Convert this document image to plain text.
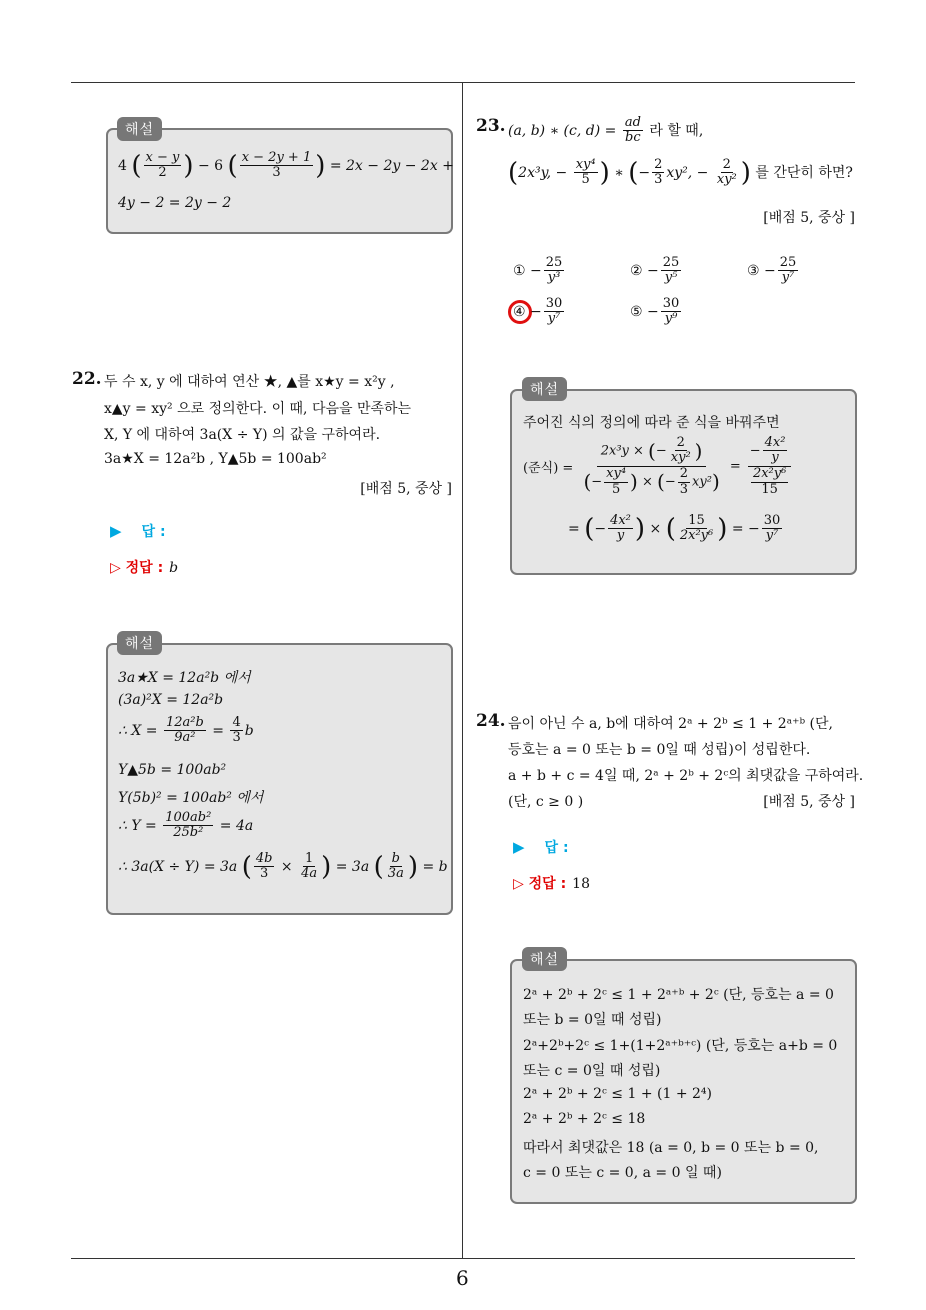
해설
4 ( $\frac{x - y}{2}$ ) − 6 ( $\frac{x - 2y + 1}{3}$ ) = 2x − 2y − 2x +
4y − 2 = 2y − 2
22. 두 수 x, y 에 대하여 연산 ★, ▲를 x★y = x²y ,
x▲y = xy² 으로 정의한다. 이 때, 다음을 만족하는
X, Y 에 대하여 3a(X ÷ Y) 의 값을 구하여라.
3a★X = 12a²b , Y▲5b = 100ab²
[배점 5, 중상 ]
▶ 답 :
▷ 정답 : b
해설
3a★X = 12a²b 에서
(3a)²X = 12a²b
∴ $X = \frac{\text{12a²b}}{\text{9a²}} = \frac{4}{3}$ b
Y▲5b = 100ab²
Y(5b)² = 100ab² 에서
∴ $Y = \frac{\text{100ab²}}{\text{25b²}} = 4a$
∴ 3a(X ÷ Y) = 3a ( $\frac{4b}{3} \times \frac{1}{4a}$ ) = 3a ( $\frac{b}{3a}$ ) = b
23. (a, b) ∗ (c, $d) = \frac{ad}{bc}$ 라 할 때,
(2x³y, − $\frac{\text{xy⁴}}{5}$ ) ∗ (− $\frac{2}{3} xy^2$, − $\frac{2}{\text{xy²}}$ ) 를 간단히 하면?
[배점 5, 중상 ]
① − $\frac{25}{\text{y³}}$	② − $\frac{25}{\text{y⁵}}$	③ − $\frac{25}{\text{y⁷}}$
④ − $\frac{30}{\text{y⁷}}$	⑤ − $\frac{30}{\text{y⁹}}$
해설
주어진 식의 정의에 따라 준 식을 바꿔주면
(준식) = $\frac{2x^3y \times (- \frac{2}{\text{xy²}} )}{(- \frac{\text{xy⁴}}{5} ) \times (- \frac{2}{3} xy^2)} = \frac{- \frac{\text{4x²}}{y}}{\frac{\text{2x²y⁶}}{15}}$
= (− $\frac{\text{4x²}}{y}$ ) × ( $\frac{15}{\text{2x²y⁶}}$ ) = − $\frac{30}{\text{y⁷}}$
24. 음이 아닌 수 a, b에 대하여 2ᵃ + 2ᵇ ≤ 1 + 2ᵃ⁺ᵇ (단,
등호는 a = 0 또는 b = 0일 때 성립)이 성립한다.
a + b + c = 4일 때, 2ᵃ + 2ᵇ + 2ᶜ의 최댓값을 구하여라.
(단, c ≥ 0 )	[배점 5, 중상 ]
▶ 답 :
▷ 정답 : 18
해설
2ᵃ + 2ᵇ + 2ᶜ ≤ 1 + 2ᵃ⁺ᵇ + 2ᶜ (단, 등호는 a = 0
또는 b = 0일 때 성립)
2ᵃ+2ᵇ+2ᶜ ≤ 1+(1+2ᵃ⁺ᵇ⁺ᶜ) (단, 등호는 a+b = 0
또는 c = 0일 때 성립)
2ᵃ + 2ᵇ + 2ᶜ ≤ 1 + (1 + 2⁴)
2ᵃ + 2ᵇ + 2ᶜ ≤ 18
따라서 최댓값은 18 (a = 0, b = 0 또는 b = 0,
c = 0 또는 c = 0, a = 0 일 때)
6
